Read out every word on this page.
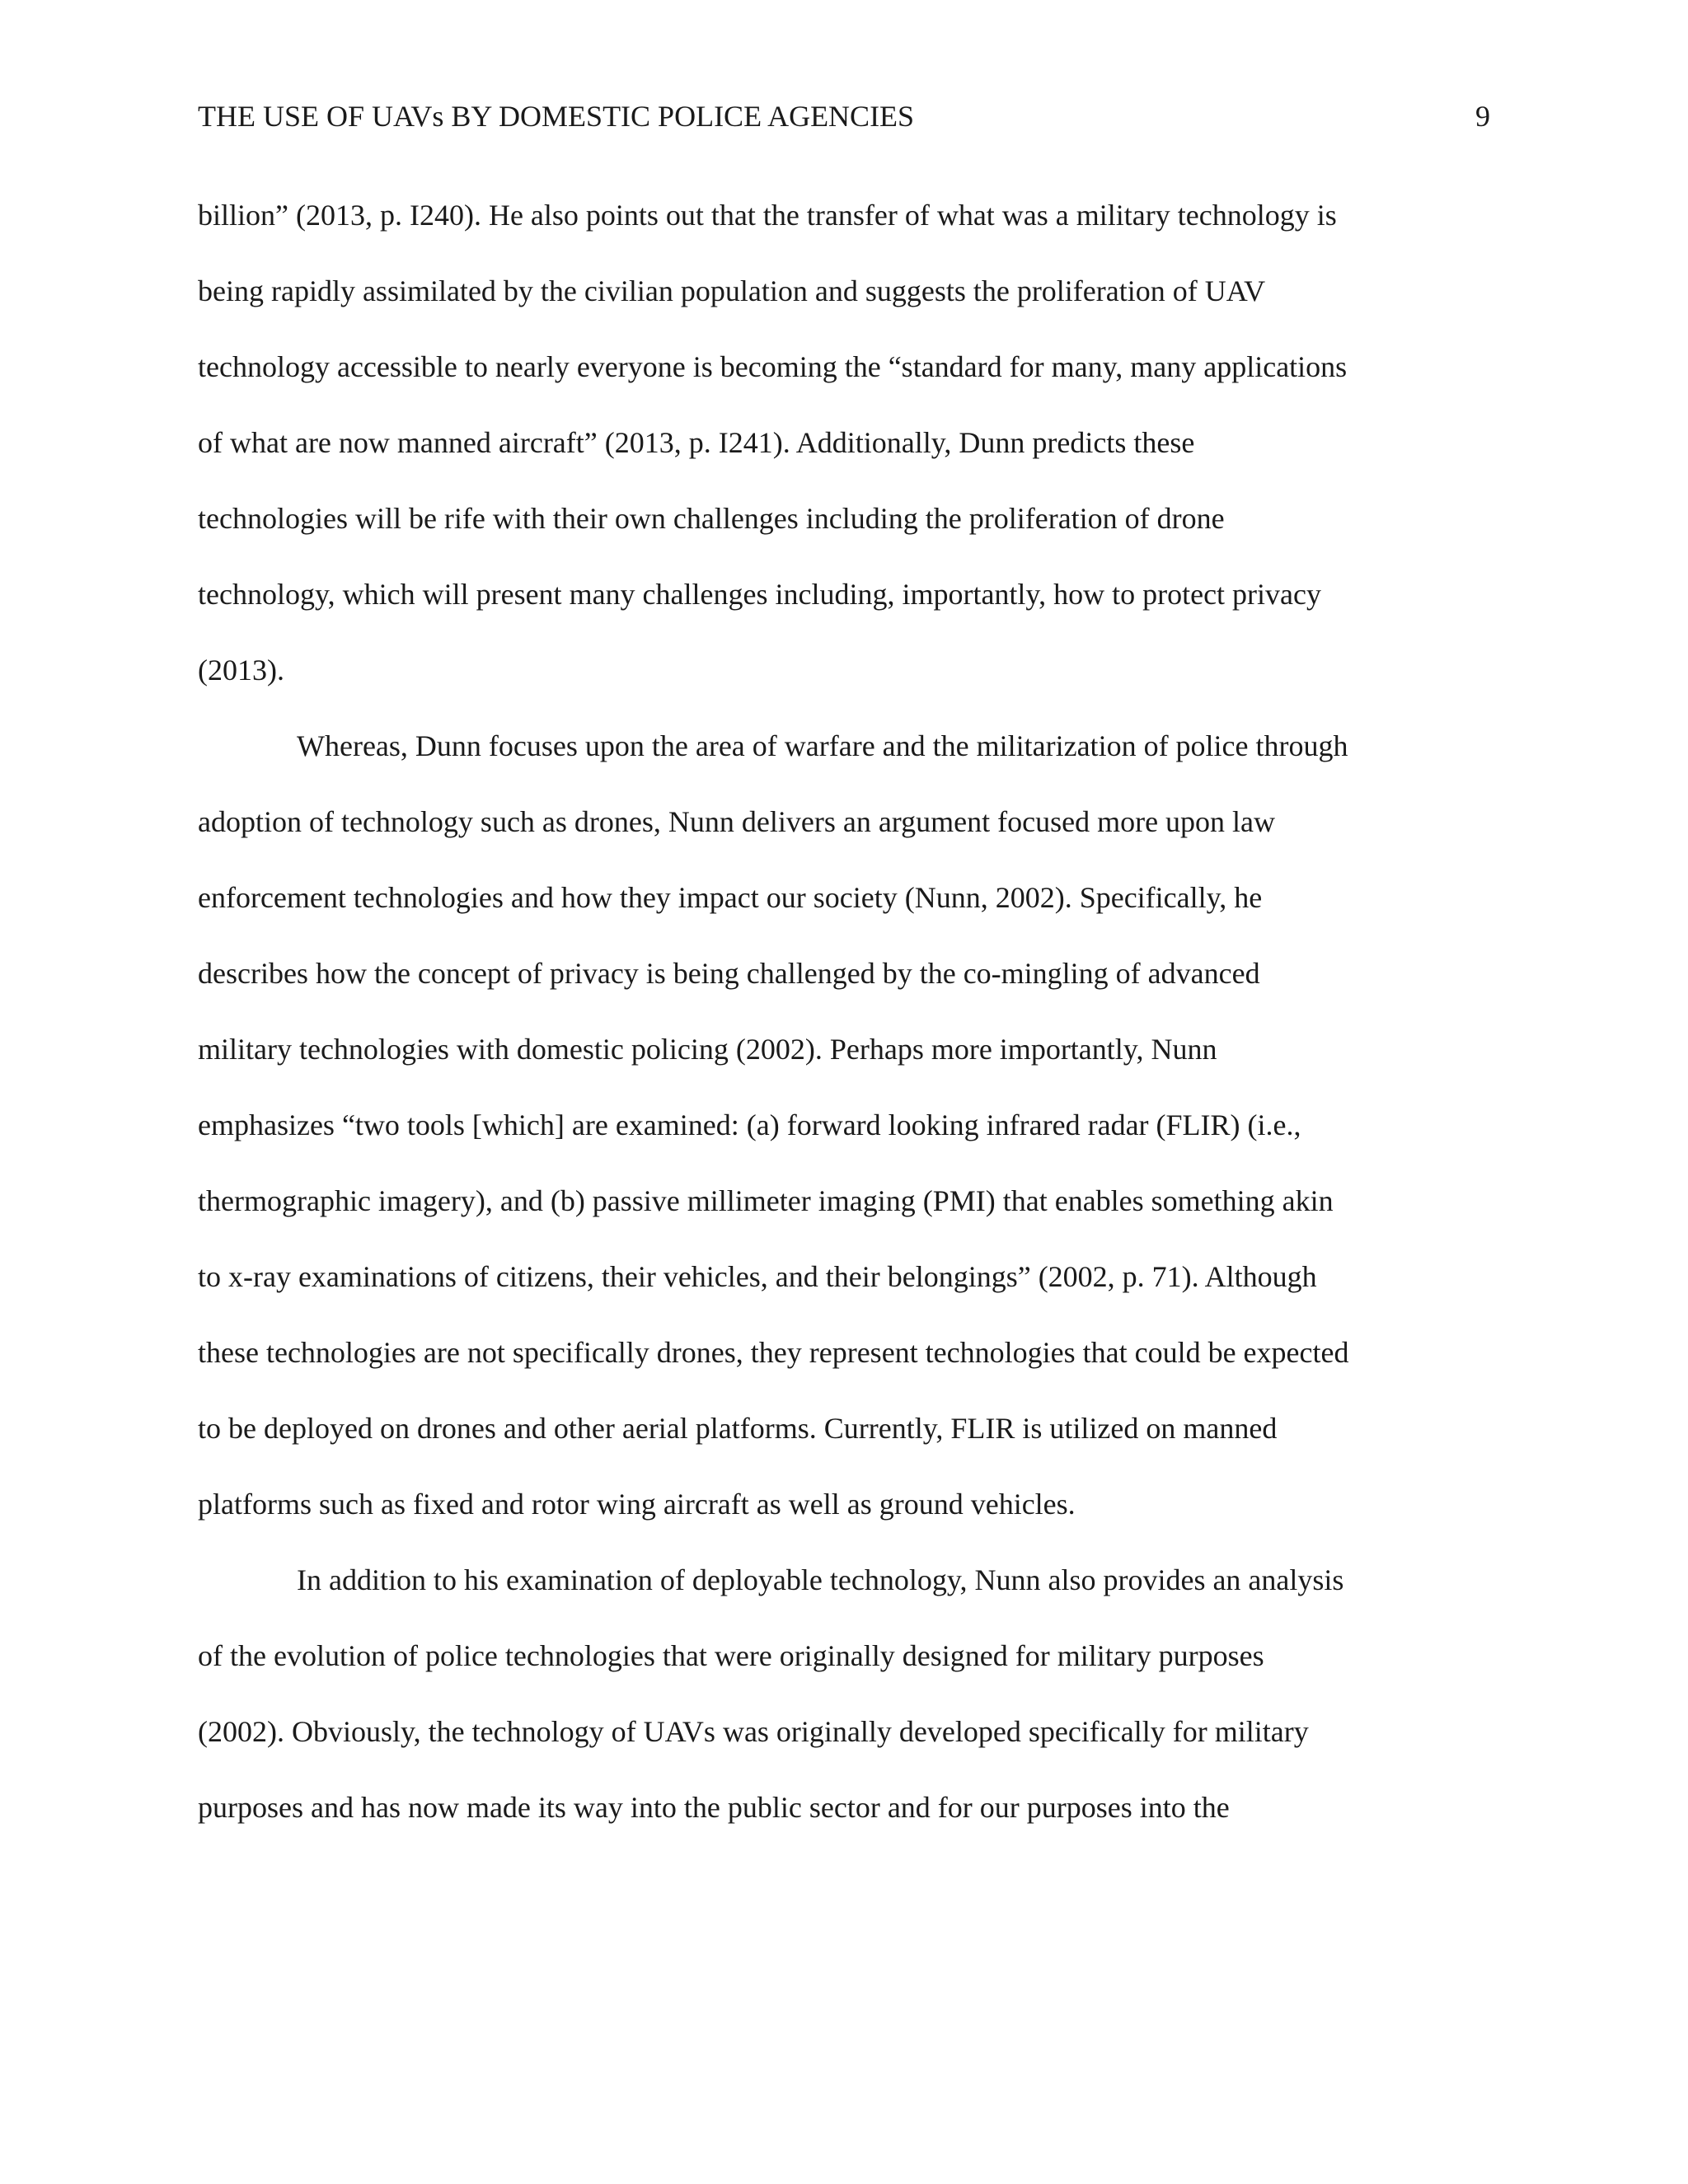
THE USE OF UAVs BY DOMESTIC POLICE AGENCIES	9
billion” (2013, p. I240). He also points out that the transfer of what was a military technology is
being rapidly assimilated by the civilian population and suggests the proliferation of UAV
technology accessible to nearly everyone is becoming the “standard for many, many applications
of what are now manned aircraft” (2013, p. I241). Additionally, Dunn predicts these
technologies will be rife with their own challenges including the proliferation of drone
technology, which will present many challenges including, importantly, how to protect privacy
(2013).
Whereas, Dunn focuses upon the area of warfare and the militarization of police through
adoption of technology such as drones, Nunn delivers an argument focused more upon law
enforcement technologies and how they impact our society (Nunn, 2002). Specifically, he
describes how the concept of privacy is being challenged by the co-mingling of advanced
military technologies with domestic policing (2002). Perhaps more importantly, Nunn
emphasizes “two tools [which] are examined: (a) forward looking infrared radar (FLIR) (i.e.,
thermographic imagery), and (b) passive millimeter imaging (PMI) that enables something akin
to x-ray examinations of citizens, their vehicles, and their belongings” (2002, p. 71). Although
these technologies are not specifically drones, they represent technologies that could be expected
to be deployed on drones and other aerial platforms. Currently, FLIR is utilized on manned
platforms such as fixed and rotor wing aircraft as well as ground vehicles.
In addition to his examination of deployable technology, Nunn also provides an analysis
of the evolution of police technologies that were originally designed for military purposes
(2002). Obviously, the technology of UAVs was originally developed specifically for military
purposes and has now made its way into the public sector and for our purposes into the
